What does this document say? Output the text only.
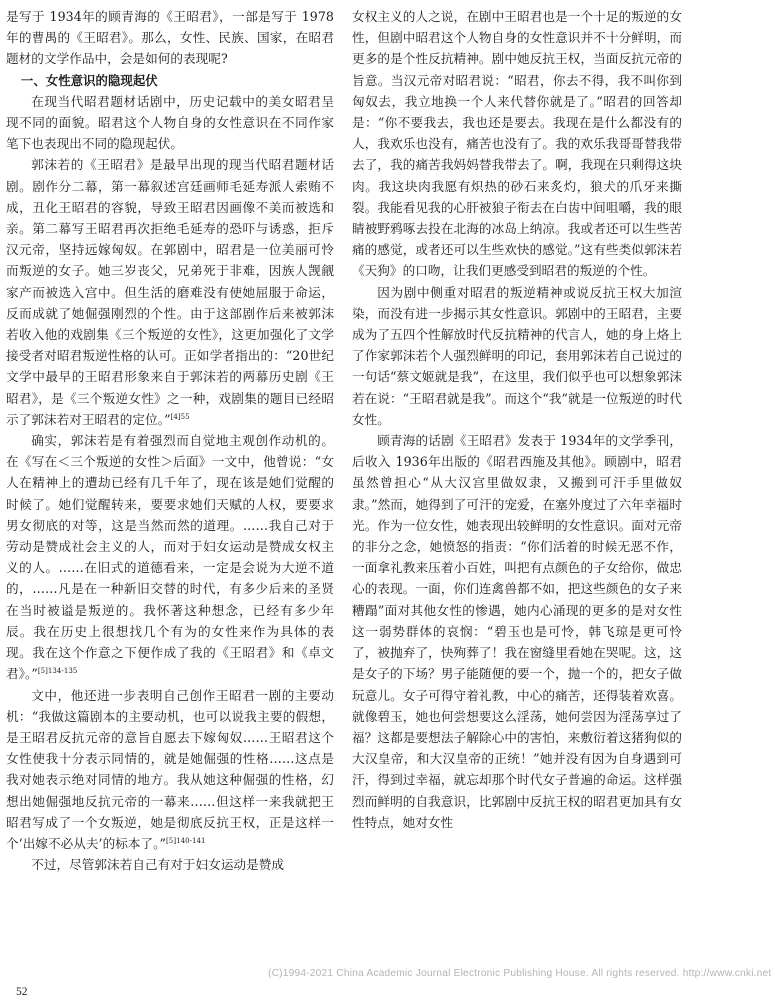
是写于 1934年的顾青海的《王昭君》，一部是写于 1978年的曹禺的《王昭君》。那么，女性、民族、国家，在昭君题材的文学作品中，会是如何的表现呢?

一、女性意识的隐现起伏

在现当代昭君题材话剧中，历史记载中的美女昭君呈现不同的面貌。昭君这个人物自身的女性意识在不同作家笔下也表现出不同的隐现起伏。

郭沫若的《王昭君》是最早出现的现当代昭君题材话剧。剧作分二幕，第一幕叙述宫廷画师毛延寿派人索贿不成，丑化王昭君的容貌，导致王昭君因画像不美而被选和亲。第二幕写王昭君再次拒绝毛延寿的恐吓与诱惑，拒斥汉元帝，坚持远嫁匈奴。在郭剧中，昭君是一位美丽可怜而叛逆的女子。她三岁丧父，兄弟死于非难，因族人觊觎家产而被选入宫中。但生活的磨难没有使她屈服于命运，反而成就了她倔强刚烈的个性。由于这部剧作后来被郭沫若收入他的戏剧集《三个叛逆的女性》，这更加强化了文学接受者对昭君叛逆性格的认可。正如学者指出的：“20世纪文学中最早的王昭君形象来自于郭沫若的两幕历史剧《王昭君》，是《三个叛逆女性》之一种，戏剧集的题目已经昭示了郭沫若对王昭君的定位。”$^{[4]55}$

确实，郭沫若是有着强烈而自觉地主观创作动机的。在《写在＜三个叛逆的女性＞后面》一文中，他曾说：“女人在精神上的遭劫已经有几千年了，现在该是她们觉醒的时候了。她们觉醒转来，要要求她们天赋的人权，要要求男女彻底的对等，这是当然而然的道理。……我自己对于劳动是赞成社会主义的人，而对于妇女运动是赞成女权主义的人。……在旧式的道德看来，一定是会说为大逆不道的，……凡是在一种新旧交替的时代，有多少后来的圣贤在当时被谥是叛逆的。我怀著这种想念，已经有多少年辰。我在历史上很想找几个有为的女性来作为具体的表现。我在这个作意之下便作成了我的《王昭君》和《卓文君》。”$^{[5]134-135}$

文中，他还进一步表明自己创作王昭君一剧的主要动机：“我做这篇剧本的主要动机，也可以说我主要的假想，是王昭君反抗元帝的意旨自愿去下嫁匈奴……王昭君这个女性使我十分表示同情的，就是她倔强的性格……这点是我对她表示绝对同情的地方。我从她这种倔强的性格，幻想出她倔强地反抗元帝的一幕来……但这样一来我就把王昭君写成了一个女叛逆，她是彻底反抗王权，正是这样一个‘出嫁不必从夫’的标本了。”$^{[5]140-141}$

不过，尽管郭沫若自己有对于妇女运动是赞成

女权主义的人之说，在剧中王昭君也是一个十足的叛逆的女性，但剧中昭君这个人物自身的女性意识并不十分鲜明，而更多的是个性反抗精神。剧中她反抗王权，当面反抗元帝的旨意。当汉元帝对昭君说：“昭君，你去不得，我不叫你到匈奴去，我立地换一个人来代替你就是了。”昭君的回答却是：“你不要我去，我也还是要去。我现在是什么都没有的人，我欢乐也没有，痛苦也没有了。我的欢乐我哥哥替我带去了，我的痛苦我妈妈替我带去了。啊，我现在只剩得这块肉。我这块肉我愿有炽热的砂石来炙灼，狼犬的爪牙来撕裂。我能看见我的心肝被狼子衔去在白齿中间咀嚼，我的眼睛被野鸦啄去投在北海的冰岛上纳凉。我或者还可以生些苦痛的感觉，或者还可以生些欢快的感觉。”这有些类似郭沫若《天狗》的口吻，让我们更感受到昭君的叛逆的个性。

因为剧中侧重对昭君的叛逆精神或说反抗王权大加渲染，而没有进一步揭示其女性意识。郭剧中的王昭君，主要成为了五四个性解放时代反抗精神的代言人，她的身上烙上了作家郭沫若个人强烈鲜明的印记，套用郭沫若自己说过的一句话“蔡文姬就是我”，在这里，我们似乎也可以想象郭沫若在说：“王昭君就是我”。而这个“我”就是一位叛逆的时代女性。

顾青海的话剧《王昭君》发表于 1934年的文学季刊，后收入 1936年出版的《昭君西施及其他》。顾剧中，昭君虽然曾担心“从大汉宫里做奴隶，又搬到可汗手里做奴隶。”然而，她得到了可汗的宠爱，在塞外度过了六年幸福时光。作为一位女性，她表现出较鲜明的女性意识。面对元帝的非分之念，她愤怒的指责：“你们活着的时候无恶不作，一面拿礼教来压着小百姓，叫把有点颜色的子女给你，做忠心的表现。一面，你们连禽兽都不如，把这些颜色的女子来糟蹋”面对其他女性的惨遇，她内心涌现的更多的是对女性这一弱势群体的哀悯：“碧玉也是可怜，韩飞琼是更可怜了，被抛弃了，快殉葬了！我在窗缝里看她在哭呢。这，这是女子的下场？男子能随便的要一个，抛一个的，把女子做玩意儿。女子可得守着礼教，中心的痛苦，还得装着欢喜。就像碧玉，她也何尝想要这么淫荡，她何尝因为淫荡享过了福？这都是要想法子解除心中的害怕，来敷衍着这猪狗似的大汉皇帝，和大汉皇帝的正统！”她并没有因为自身遇到可汗，得到过幸福，就忘却那个时代女子普遍的命运。这样强烈而鲜明的自我意识，比郭剧中反抗王权的昭君更加具有女性特点，她对女性

(C)1994-2021 China Academic Journal Electronic Publishing House. All rights reserved. http://www.cnki.net
52
